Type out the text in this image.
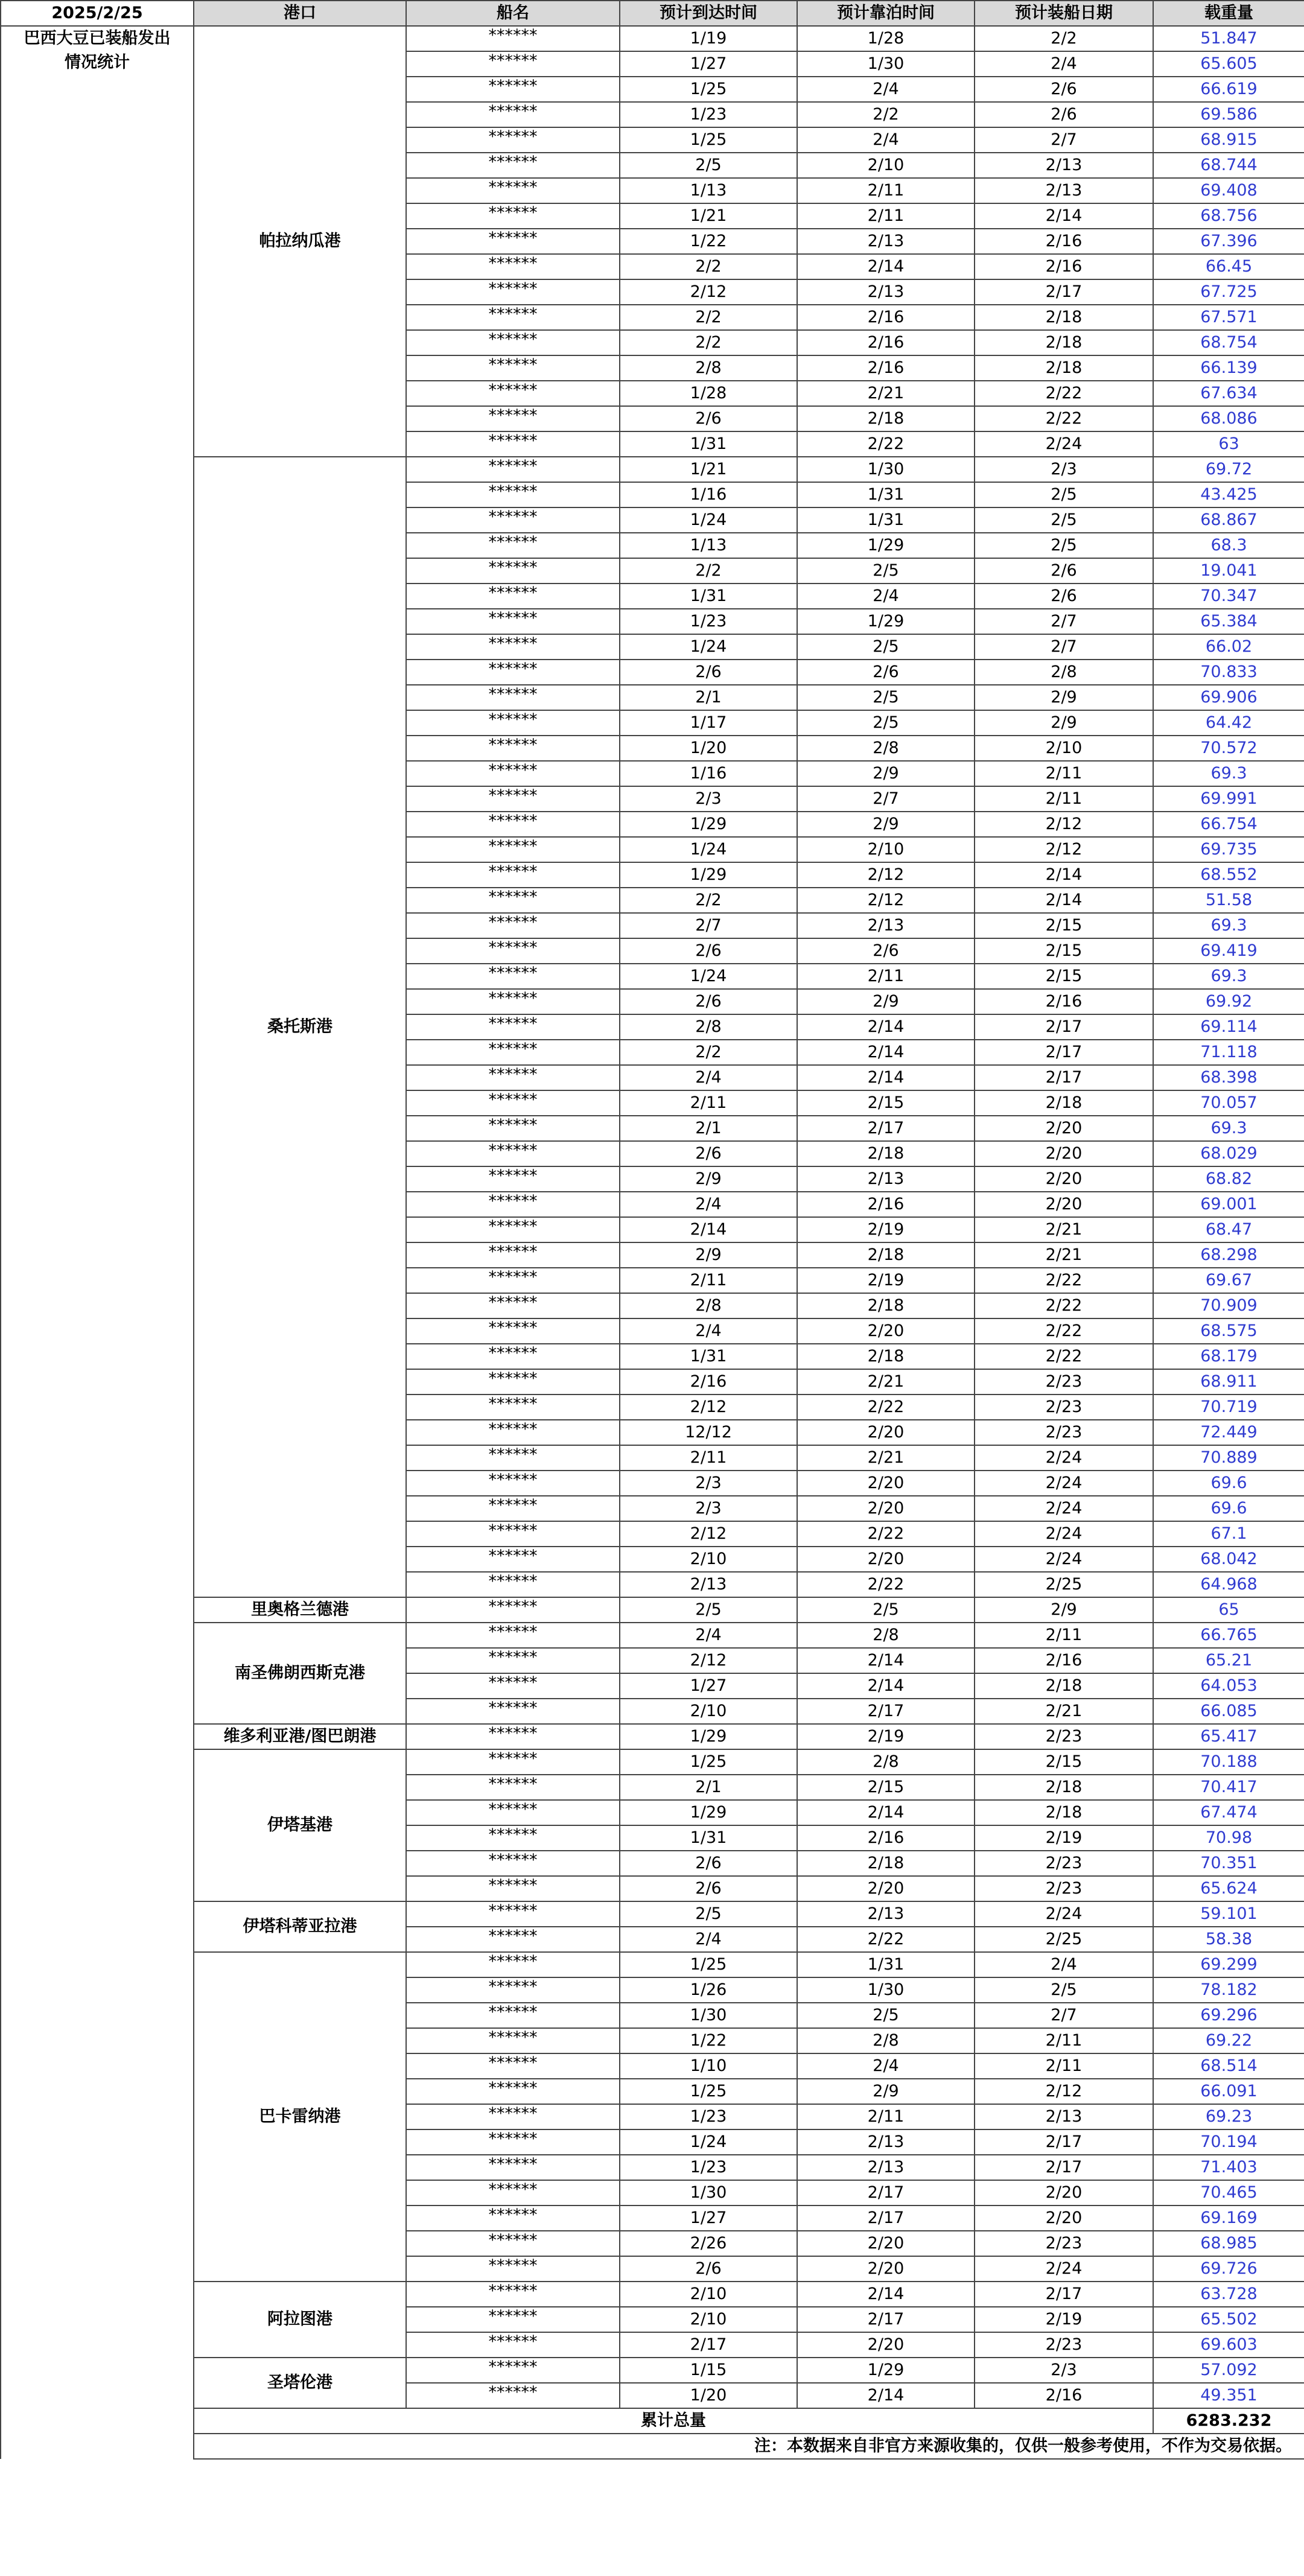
2025/2/25	港口	船名	预计到达时间	预计靠泊时间	预计装船日期	载重量

巴西大豆已装船发出
情况统计	帕拉纳瓜港	******	1/19	1/28	2/2	51.847
		******	1/27	1/30	2/4	65.605
		******	1/25	2/4	2/6	66.619
		******	1/23	2/2	2/6	69.586
		******	1/25	2/4	2/7	68.915
		******	2/5	2/10	2/13	68.744
		******	1/13	2/11	2/13	69.408
		******	1/21	2/11	2/14	68.756
		******	1/22	2/13	2/16	67.396
		******	2/2	2/14	2/16	66.45
		******	2/12	2/13	2/17	67.725
		******	2/2	2/16	2/18	67.571
		******	2/2	2/16	2/18	68.754
		******	2/8	2/16	2/18	66.139
		******	1/28	2/21	2/22	67.634
		******	2/6	2/18	2/22	68.086
		******	1/31	2/22	2/24	63
	桑托斯港	******	1/21	1/30	2/3	69.72
		******	1/16	1/31	2/5	43.425
		******	1/24	1/31	2/5	68.867
		******	1/13	1/29	2/5	68.3
		******	2/2	2/5	2/6	19.041
		******	1/31	2/4	2/6	70.347
		******	1/23	1/29	2/7	65.384
		******	1/24	2/5	2/7	66.02
		******	2/6	2/6	2/8	70.833
		******	2/1	2/5	2/9	69.906
		******	1/17	2/5	2/9	64.42
		******	1/20	2/8	2/10	70.572
		******	1/16	2/9	2/11	69.3
		******	2/3	2/7	2/11	69.991
		******	1/29	2/9	2/12	66.754
		******	1/24	2/10	2/12	69.735
		******	1/29	2/12	2/14	68.552
		******	2/2	2/12	2/14	51.58
		******	2/7	2/13	2/15	69.3
		******	2/6	2/6	2/15	69.419
		******	1/24	2/11	2/15	69.3
		******	2/6	2/9	2/16	69.92
		******	2/8	2/14	2/17	69.114
		******	2/2	2/14	2/17	71.118
		******	2/4	2/14	2/17	68.398
		******	2/11	2/15	2/18	70.057
		******	2/1	2/17	2/20	69.3
		******	2/6	2/18	2/20	68.029
		******	2/9	2/13	2/20	68.82
		******	2/4	2/16	2/20	69.001
		******	2/14	2/19	2/21	68.47
		******	2/9	2/18	2/21	68.298
		******	2/11	2/19	2/22	69.67
		******	2/8	2/18	2/22	70.909
		******	2/4	2/20	2/22	68.575
		******	1/31	2/18	2/22	68.179
		******	2/16	2/21	2/23	68.911
		******	2/12	2/22	2/23	70.719
		******	12/12	2/20	2/23	72.449
		******	2/11	2/21	2/24	70.889
		******	2/3	2/20	2/24	69.6
		******	2/3	2/20	2/24	69.6
		******	2/12	2/22	2/24	67.1
		******	2/10	2/20	2/24	68.042
		******	2/13	2/22	2/25	64.968
	里奥格兰德港	******	2/5	2/5	2/9	65
	南圣佛朗西斯克港	******	2/4	2/8	2/11	66.765
		******	2/12	2/14	2/16	65.21
		******	1/27	2/14	2/18	64.053
		******	2/10	2/17	2/21	66.085
	维多利亚港/图巴朗港	******	1/29	2/19	2/23	65.417
	伊塔基港	******	1/25	2/8	2/15	70.188
		******	2/1	2/15	2/18	70.417
		******	1/29	2/14	2/18	67.474
		******	1/31	2/16	2/19	70.98
		******	2/6	2/18	2/23	70.351
		******	2/6	2/20	2/23	65.624
	伊塔科蒂亚拉港	******	2/5	2/13	2/24	59.101
		******	2/4	2/22	2/25	58.38
	巴卡雷纳港	******	1/25	1/31	2/4	69.299
		******	1/26	1/30	2/5	78.182
		******	1/30	2/5	2/7	69.296
		******	1/22	2/8	2/11	69.22
		******	1/10	2/4	2/11	68.514
		******	1/25	2/9	2/12	66.091
		******	1/23	2/11	2/13	69.23
		******	1/24	2/13	2/17	70.194
		******	1/23	2/13	2/17	71.403
		******	1/30	2/17	2/20	70.465
		******	1/27	2/17	2/20	69.169
		******	2/26	2/20	2/23	68.985
		******	2/6	2/20	2/24	69.726
	阿拉图港	******	2/10	2/14	2/17	63.728
		******	2/10	2/17	2/19	65.502
		******	2/17	2/20	2/23	69.603
	圣塔伦港	******	1/15	1/29	2/3	57.092
		******	1/20	2/14	2/16	49.351
	累计总量					6283.232
	注：本数据来自非官方来源收集的，仅供一般参考使用，不作为交易依据。					
